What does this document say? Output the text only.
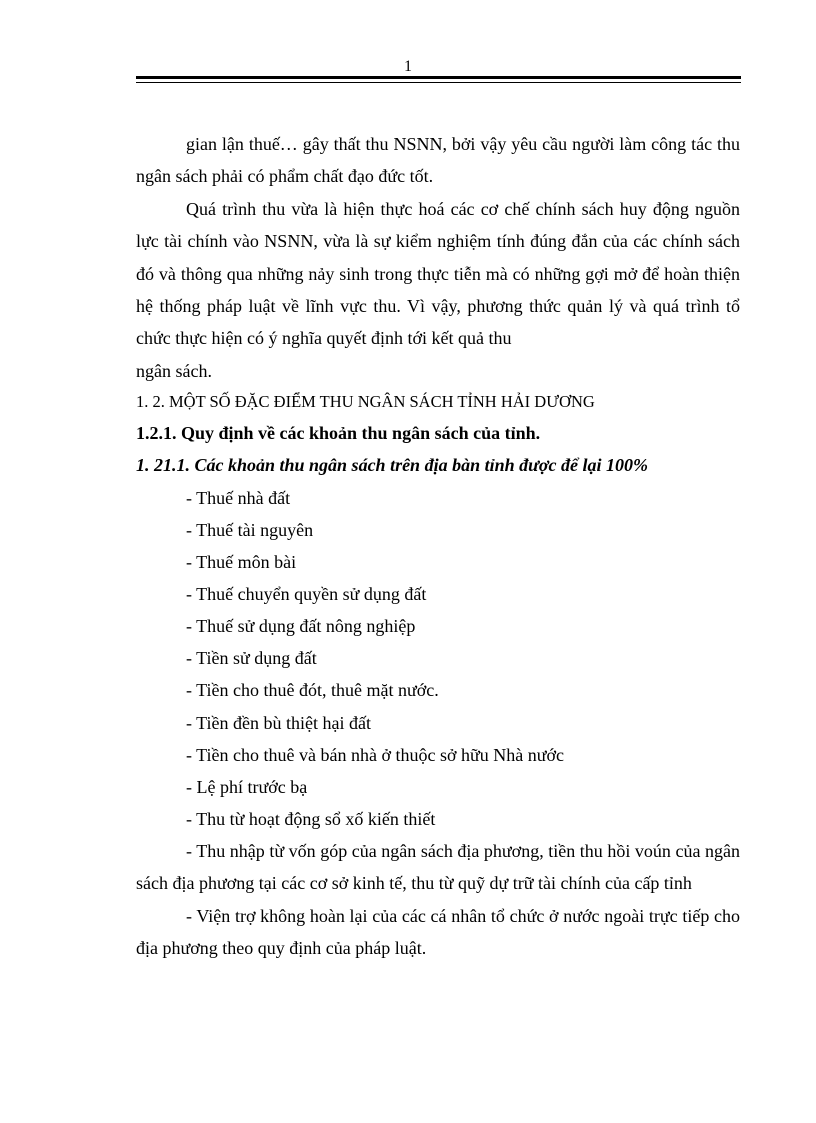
1

gian lận thuế… gây thất thu NSNN, bởi vậy yêu cầu người làm công tác thu ngân sách phải có phẩm chất đạo đức tốt.

Quá trình thu vừa là hiện thực hoá các cơ chế chính sách huy động nguồn lực tài chính vào NSNN, vừa là sự kiểm nghiệm tính đúng đắn của các chính sách đó và thông qua những nảy sinh trong thực tiễn mà có những gợi mở để hoàn thiện hệ thống pháp luật về lĩnh vực thu. Vì vậy, phương thức quản lý và quá trình tổ chức thực hiện có ý nghĩa quyết định tới kết quả thu

ngân sách.

1. 2. MỘT SỐ ĐẶC ĐIỂM THU NGÂN SÁCH TỈNH HẢI DƯƠNG

1.2.1. Quy định về các khoản thu ngân sách của tỉnh.

1. 21.1. Các khoản thu ngân sách trên địa bàn tỉnh được để lại 100%

- Thuế nhà đất

- Thuế tài nguyên

- Thuế môn bài

- Thuế chuyển quyền sử dụng đất

- Thuế sử dụng đất nông nghiệp

- Tiền sử dụng đất

- Tiền cho thuê đót, thuê mặt nước.

- Tiền đền bù thiệt hại đất

- Tiền cho thuê và bán nhà ở thuộc sở hữu Nhà nước

- Lệ phí trước bạ

- Thu từ hoạt động sổ xố kiến thiết

- Thu nhập từ vốn góp của ngân sách địa phương, tiền thu hồi voún của ngân sách địa phương tại các cơ sở kinh tế, thu từ quỹ dự trữ tài chính của cấp tỉnh

- Viện trợ không hoàn lại của các cá nhân tổ chức ở nước ngoài trực tiếp cho địa phương theo quy định của pháp luật.
